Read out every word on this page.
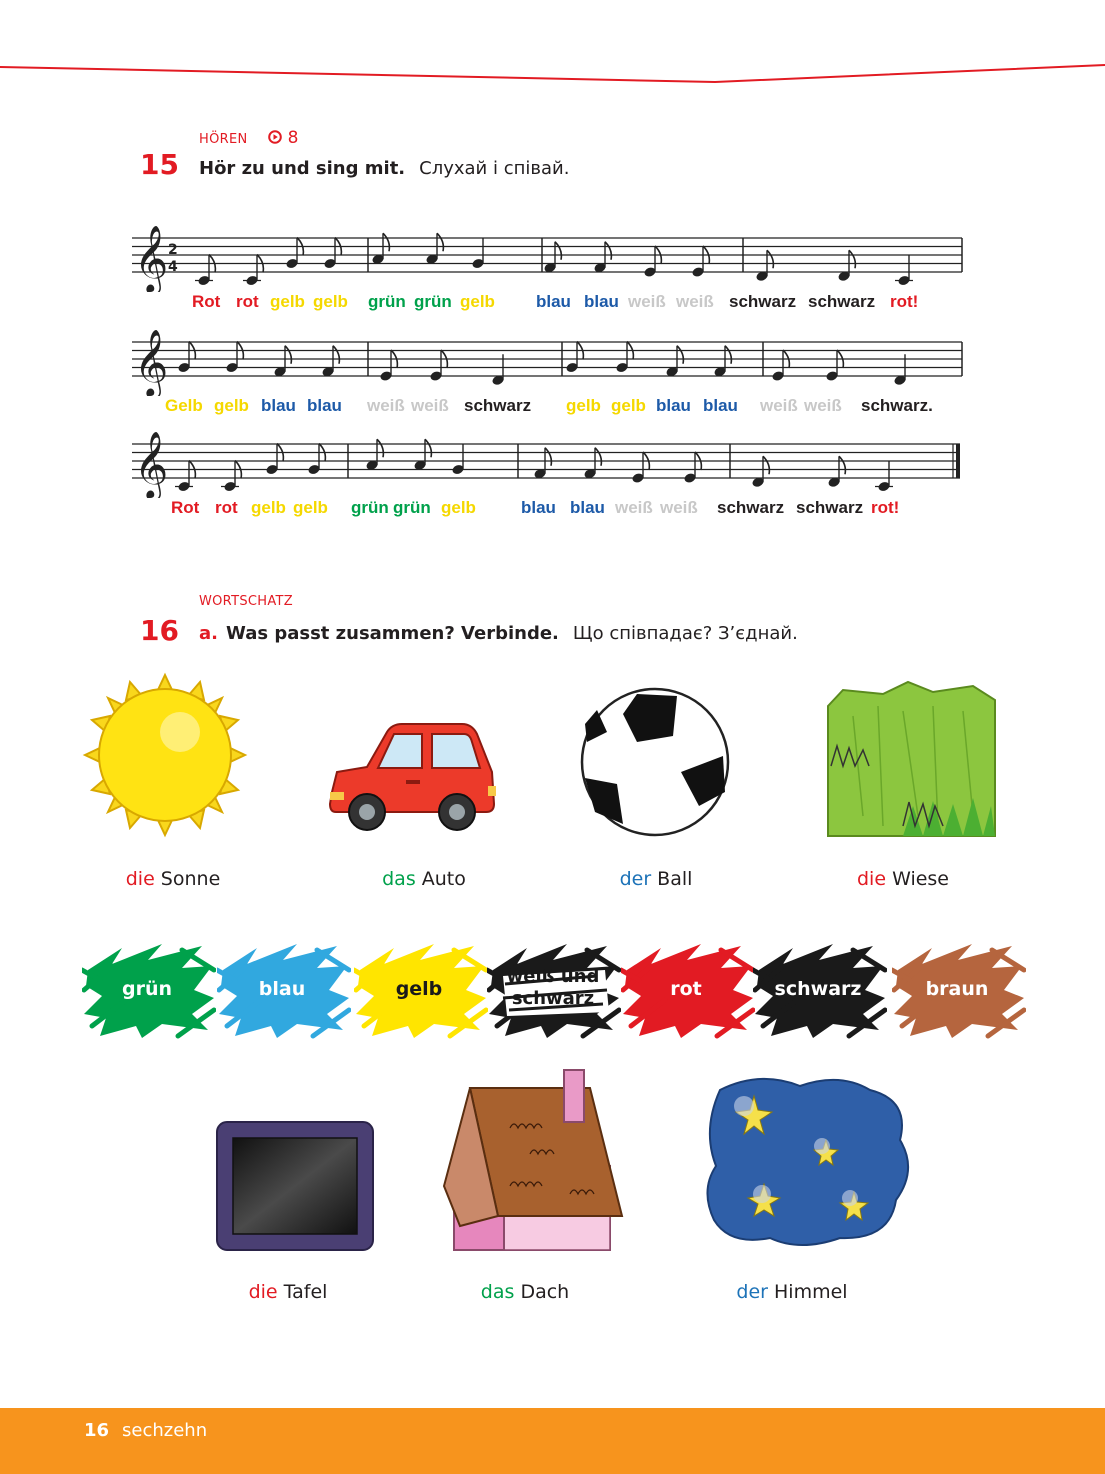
HÖREN 8
15 Hör zu und sing mit. Слухай і співай.
𝄞 2
4
Rot rot gelb gelb grün grün gelb blau blau weiß weiß schwarz schwarz rot!
𝄞
Gelb gelb blau blau weiß weiß schwarz gelb gelb blau blau weiß weiß schwarz.
𝄞
Rot rot gelb gelb grün grün gelb	blau blau weiß weiß schwarz schwarz rot!
WORTSCHATZ
16 a. Was passt zusammen? Verbinde. Що співпадає? З’єднай.
die Sonne	das Auto	der Ball	die Wiese
grün	blau	gelb
weiß und schwarz	rot	schwarz	braun
die Tafel	das Dach	der Himmel
16 sechzehn
